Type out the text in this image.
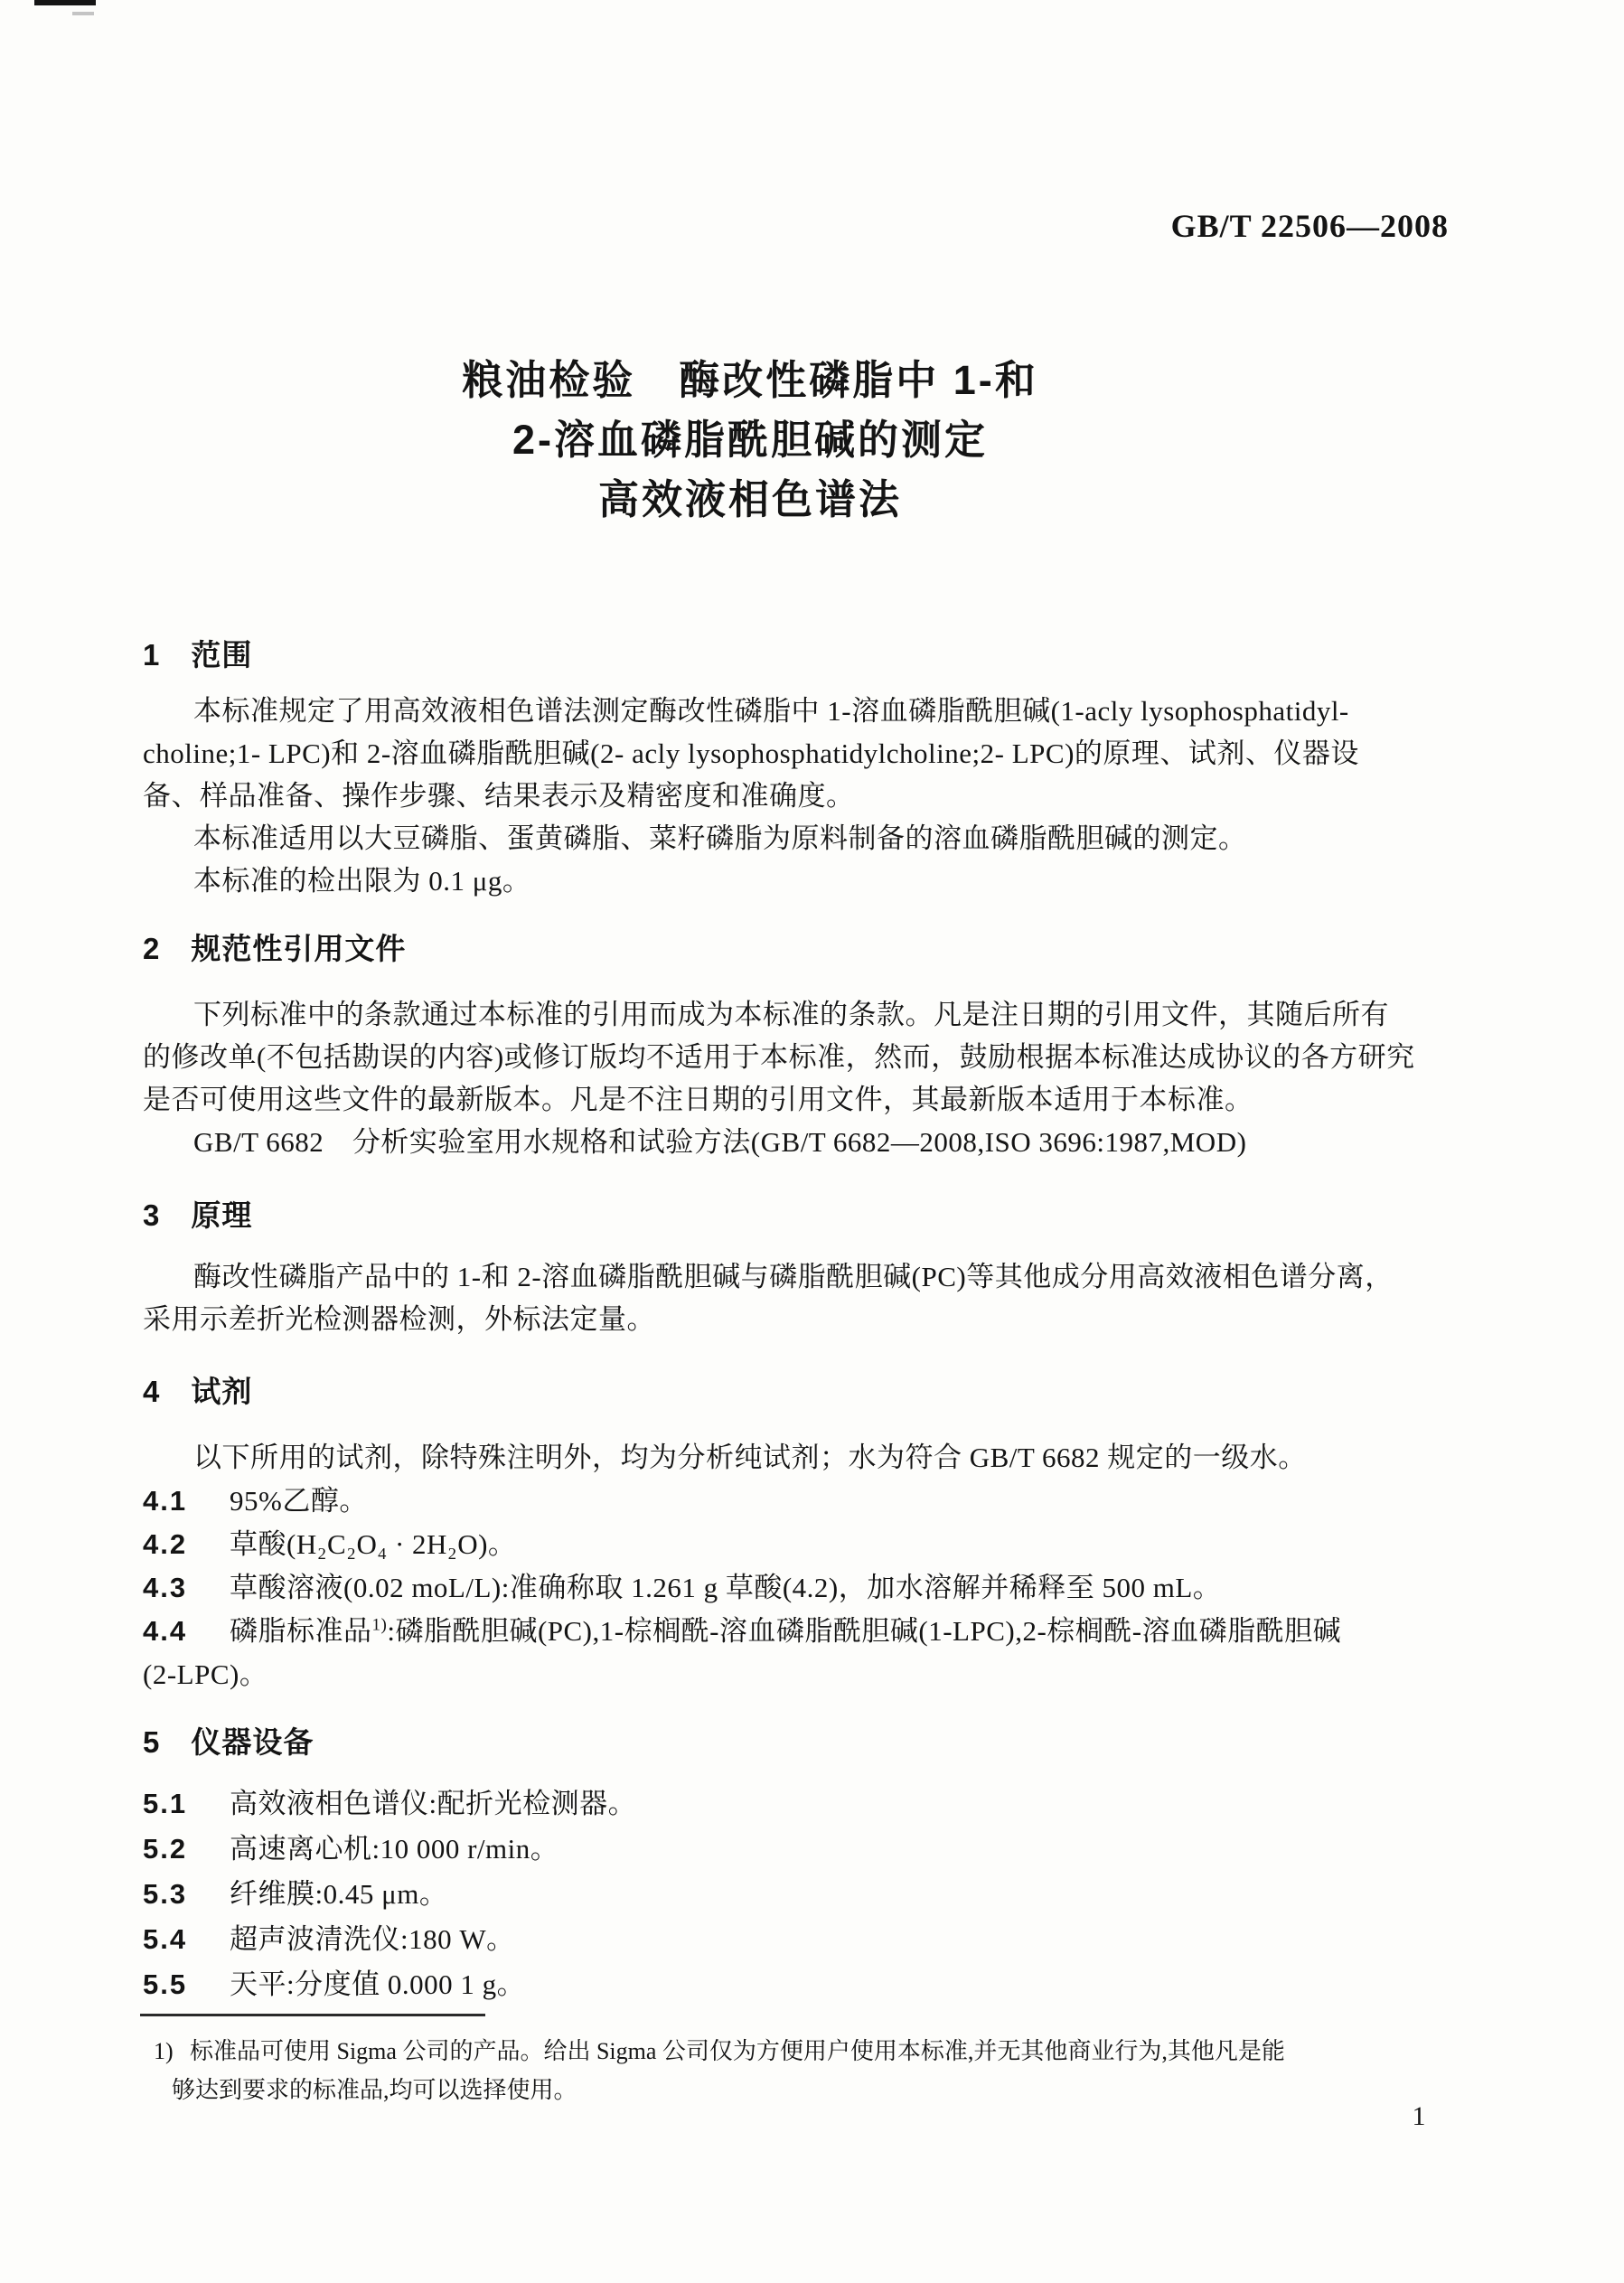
GB/T 22506—2008
粮油检验　酶改性磷脂中 1-和
2-溶血磷脂酰胆碱的测定
高效液相色谱法
1　范围
本标准规定了用高效液相色谱法测定酶改性磷脂中 1-溶血磷脂酰胆碱(1-acly lysophosphatidyl-
choline;1- LPC)和 2-溶血磷脂酰胆碱(2- acly lysophosphatidylcholine;2- LPC)的原理、试剂、仪器设
备、样品准备、操作步骤、结果表示及精密度和准确度。
本标准适用以大豆磷脂、蛋黄磷脂、菜籽磷脂为原料制备的溶血磷脂酰胆碱的测定。
本标准的检出限为 0.1 μg。
2　规范性引用文件
下列标准中的条款通过本标准的引用而成为本标准的条款。凡是注日期的引用文件，其随后所有
的修改单(不包括勘误的内容)或修订版均不适用于本标准，然而，鼓励根据本标准达成协议的各方研究
是否可使用这些文件的最新版本。凡是不注日期的引用文件，其最新版本适用于本标准。
GB/T 6682　分析实验室用水规格和试验方法(GB/T 6682—2008,ISO 3696:1987,MOD)
3　原理
酶改性磷脂产品中的 1-和 2-溶血磷脂酰胆碱与磷脂酰胆碱(PC)等其他成分用高效液相色谱分离，
采用示差折光检测器检测，外标法定量。
4　试剂
以下所用的试剂，除特殊注明外，均为分析纯试剂；水为符合 GB/T 6682 规定的一级水。
4.1 95%乙醇。
4.2 草酸(H₂C₂O₄ · 2H₂O)。
4.3 草酸溶液(0.02 moL/L):准确称取 1.261 g 草酸(4.2)，加水溶解并稀释至 500 mL。
4.4 磷脂标准品$^{1)}$:磷脂酰胆碱(PC),1-棕榈酰-溶血磷脂酰胆碱(1-LPC),2-棕榈酰-溶血磷脂酰胆碱
(2-LPC)。
5　仪器设备
5.1 高效液相色谱仪:配折光检测器。
5.2 高速离心机:10 000 r/min。
5.3 纤维膜:0.45 μm。
5.4 超声波清洗仪:180 W。
5.5 天平:分度值 0.000 1 g。
1) 标准品可使用 Sigma 公司的产品。给出 Sigma 公司仅为方便用户使用本标准,并无其他商业行为,其他凡是能
够达到要求的标准品,均可以选择使用。
1
